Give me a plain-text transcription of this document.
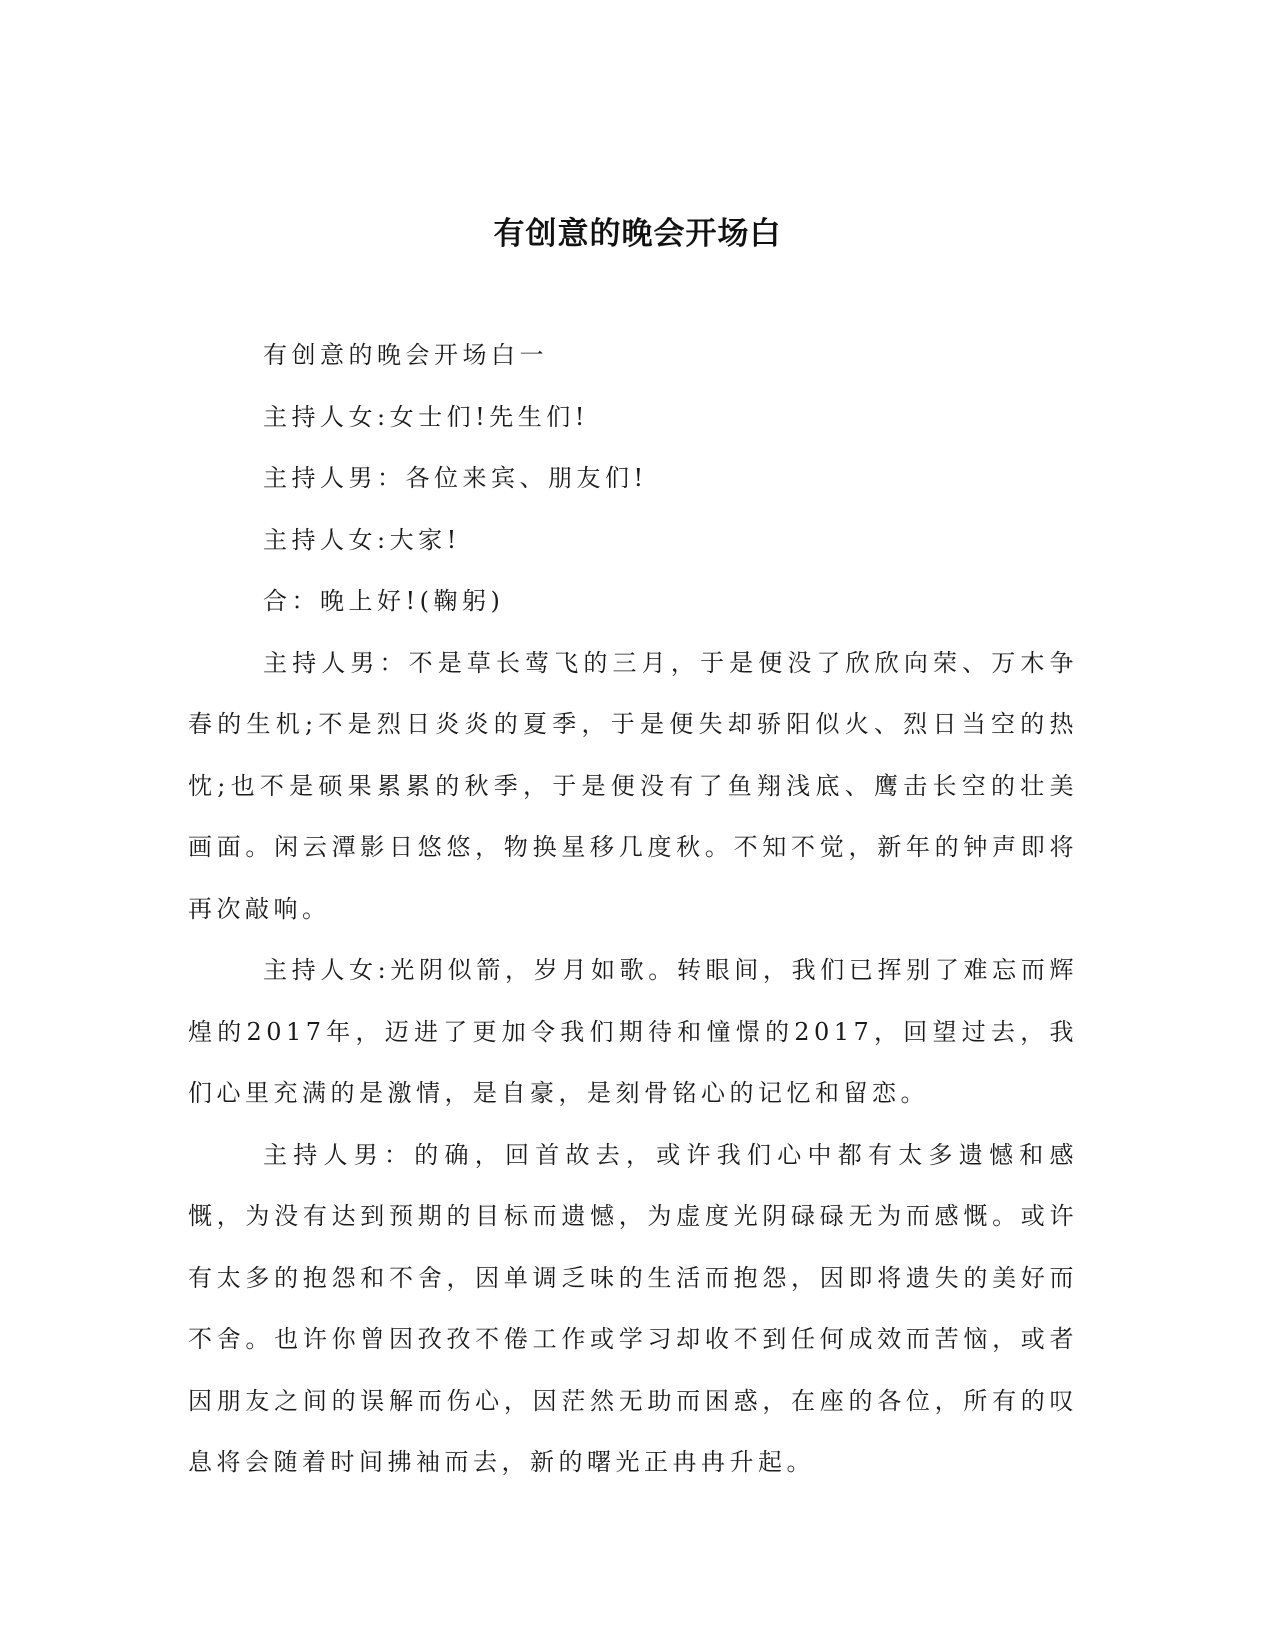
有创意的晚会开场白

有创意的晚会开场白一

主持人女:女士们!先生们!

主持人男：各位来宾、朋友们!

主持人女:大家!

合：晚上好!(鞠躬)

主持人男：不是草长莺飞的三月，于是便没了欣欣向荣、万木争春的生机;不是烈日炎炎的夏季，于是便失却骄阳似火、烈日当空的热忱;也不是硕果累累的秋季，于是便没有了鱼翔浅底、鹰击长空的壮美画面。闲云潭影日悠悠，物换星移几度秋。不知不觉，新年的钟声即将再次敲响。

主持人女:光阴似箭，岁月如歌。转眼间，我们已挥别了难忘而辉煌的2017年，迈进了更加令我们期待和憧憬的2017，回望过去，我们心里充满的是激情，是自豪，是刻骨铭心的记忆和留恋。

主持人男：的确，回首故去，或许我们心中都有太多遗憾和感慨，为没有达到预期的目标而遗憾，为虚度光阴碌碌无为而感慨。或许有太多的抱怨和不舍，因单调乏味的生活而抱怨，因即将遗失的美好而不舍。也许你曾因孜孜不倦工作或学习却收不到任何成效而苦恼，或者因朋友之间的误解而伤心，因茫然无助而困惑，在座的各位，所有的叹息将会随着时间拂袖而去，新的曙光正冉冉升起。
